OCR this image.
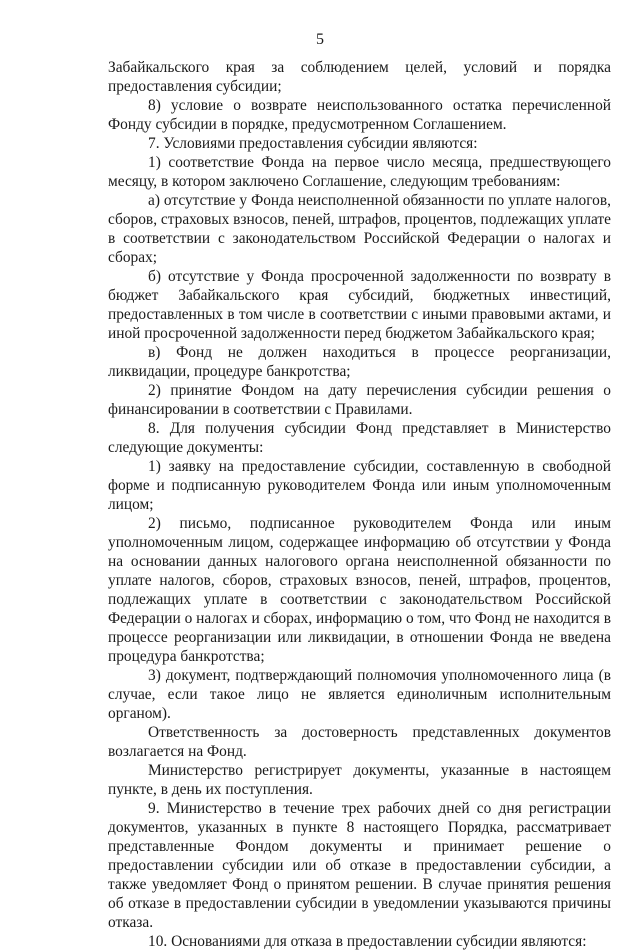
5

Забайкальского края за соблюдением целей, условий и порядка предоставления субсидии;

8) условие о возврате неиспользованного остатка перечисленной Фонду субсидии в порядке, предусмотренном Соглашением.

7. Условиями предоставления субсидии являются:

1) соответствие Фонда на первое число месяца, предшествующего месяцу, в котором заключено Соглашение, следующим требованиям:

а) отсутствие у Фонда неисполненной обязанности по уплате налогов, сборов, страховых взносов, пеней, штрафов, процентов, подлежащих уплате в соответствии с законодательством Российской Федерации о налогах и сборах;

б) отсутствие у Фонда просроченной задолженности по возврату в бюджет Забайкальского края субсидий, бюджетных инвестиций, предоставленных в том числе в соответствии с иными правовыми актами, и иной просроченной задолженности перед бюджетом Забайкальского края;

в) Фонд не должен находиться в процессе реорганизации, ликвидации, процедуре банкротства;

2) принятие Фондом на дату перечисления субсидии решения о финансировании в соответствии с Правилами.

8. Для получения субсидии Фонд представляет в Министерство следующие документы:

1) заявку на предоставление субсидии, составленную в свободной форме и подписанную руководителем Фонда или иным уполномоченным лицом;

2) письмо, подписанное руководителем Фонда или иным уполномоченным лицом, содержащее информацию об отсутствии у Фонда на основании данных налогового органа неисполненной обязанности по уплате налогов, сборов, страховых взносов, пеней, штрафов, процентов, подлежащих уплате в соответствии с законодательством Российской Федерации о налогах и сборах, информацию о том, что Фонд не находится в процессе реорганизации или ликвидации, в отношении Фонда не введена процедура банкротства;

3) документ, подтверждающий полномочия уполномоченного лица (в случае, если такое лицо не является единоличным исполнительным органом).

Ответственность за достоверность представленных документов возлагается на Фонд.

Министерство регистрирует документы, указанные в настоящем пункте, в день их поступления.

9. Министерство в течение трех рабочих дней со дня регистрации документов, указанных в пункте 8 настоящего Порядка, рассматривает представленные Фондом документы и принимает решение о предоставлении субсидии или об отказе в предоставлении субсидии, а также уведомляет Фонд о принятом решении. В случае принятия решения об отказе в предоставлении субсидии в уведомлении указываются причины отказа.

10. Основаниями для отказа в предоставлении субсидии являются:
